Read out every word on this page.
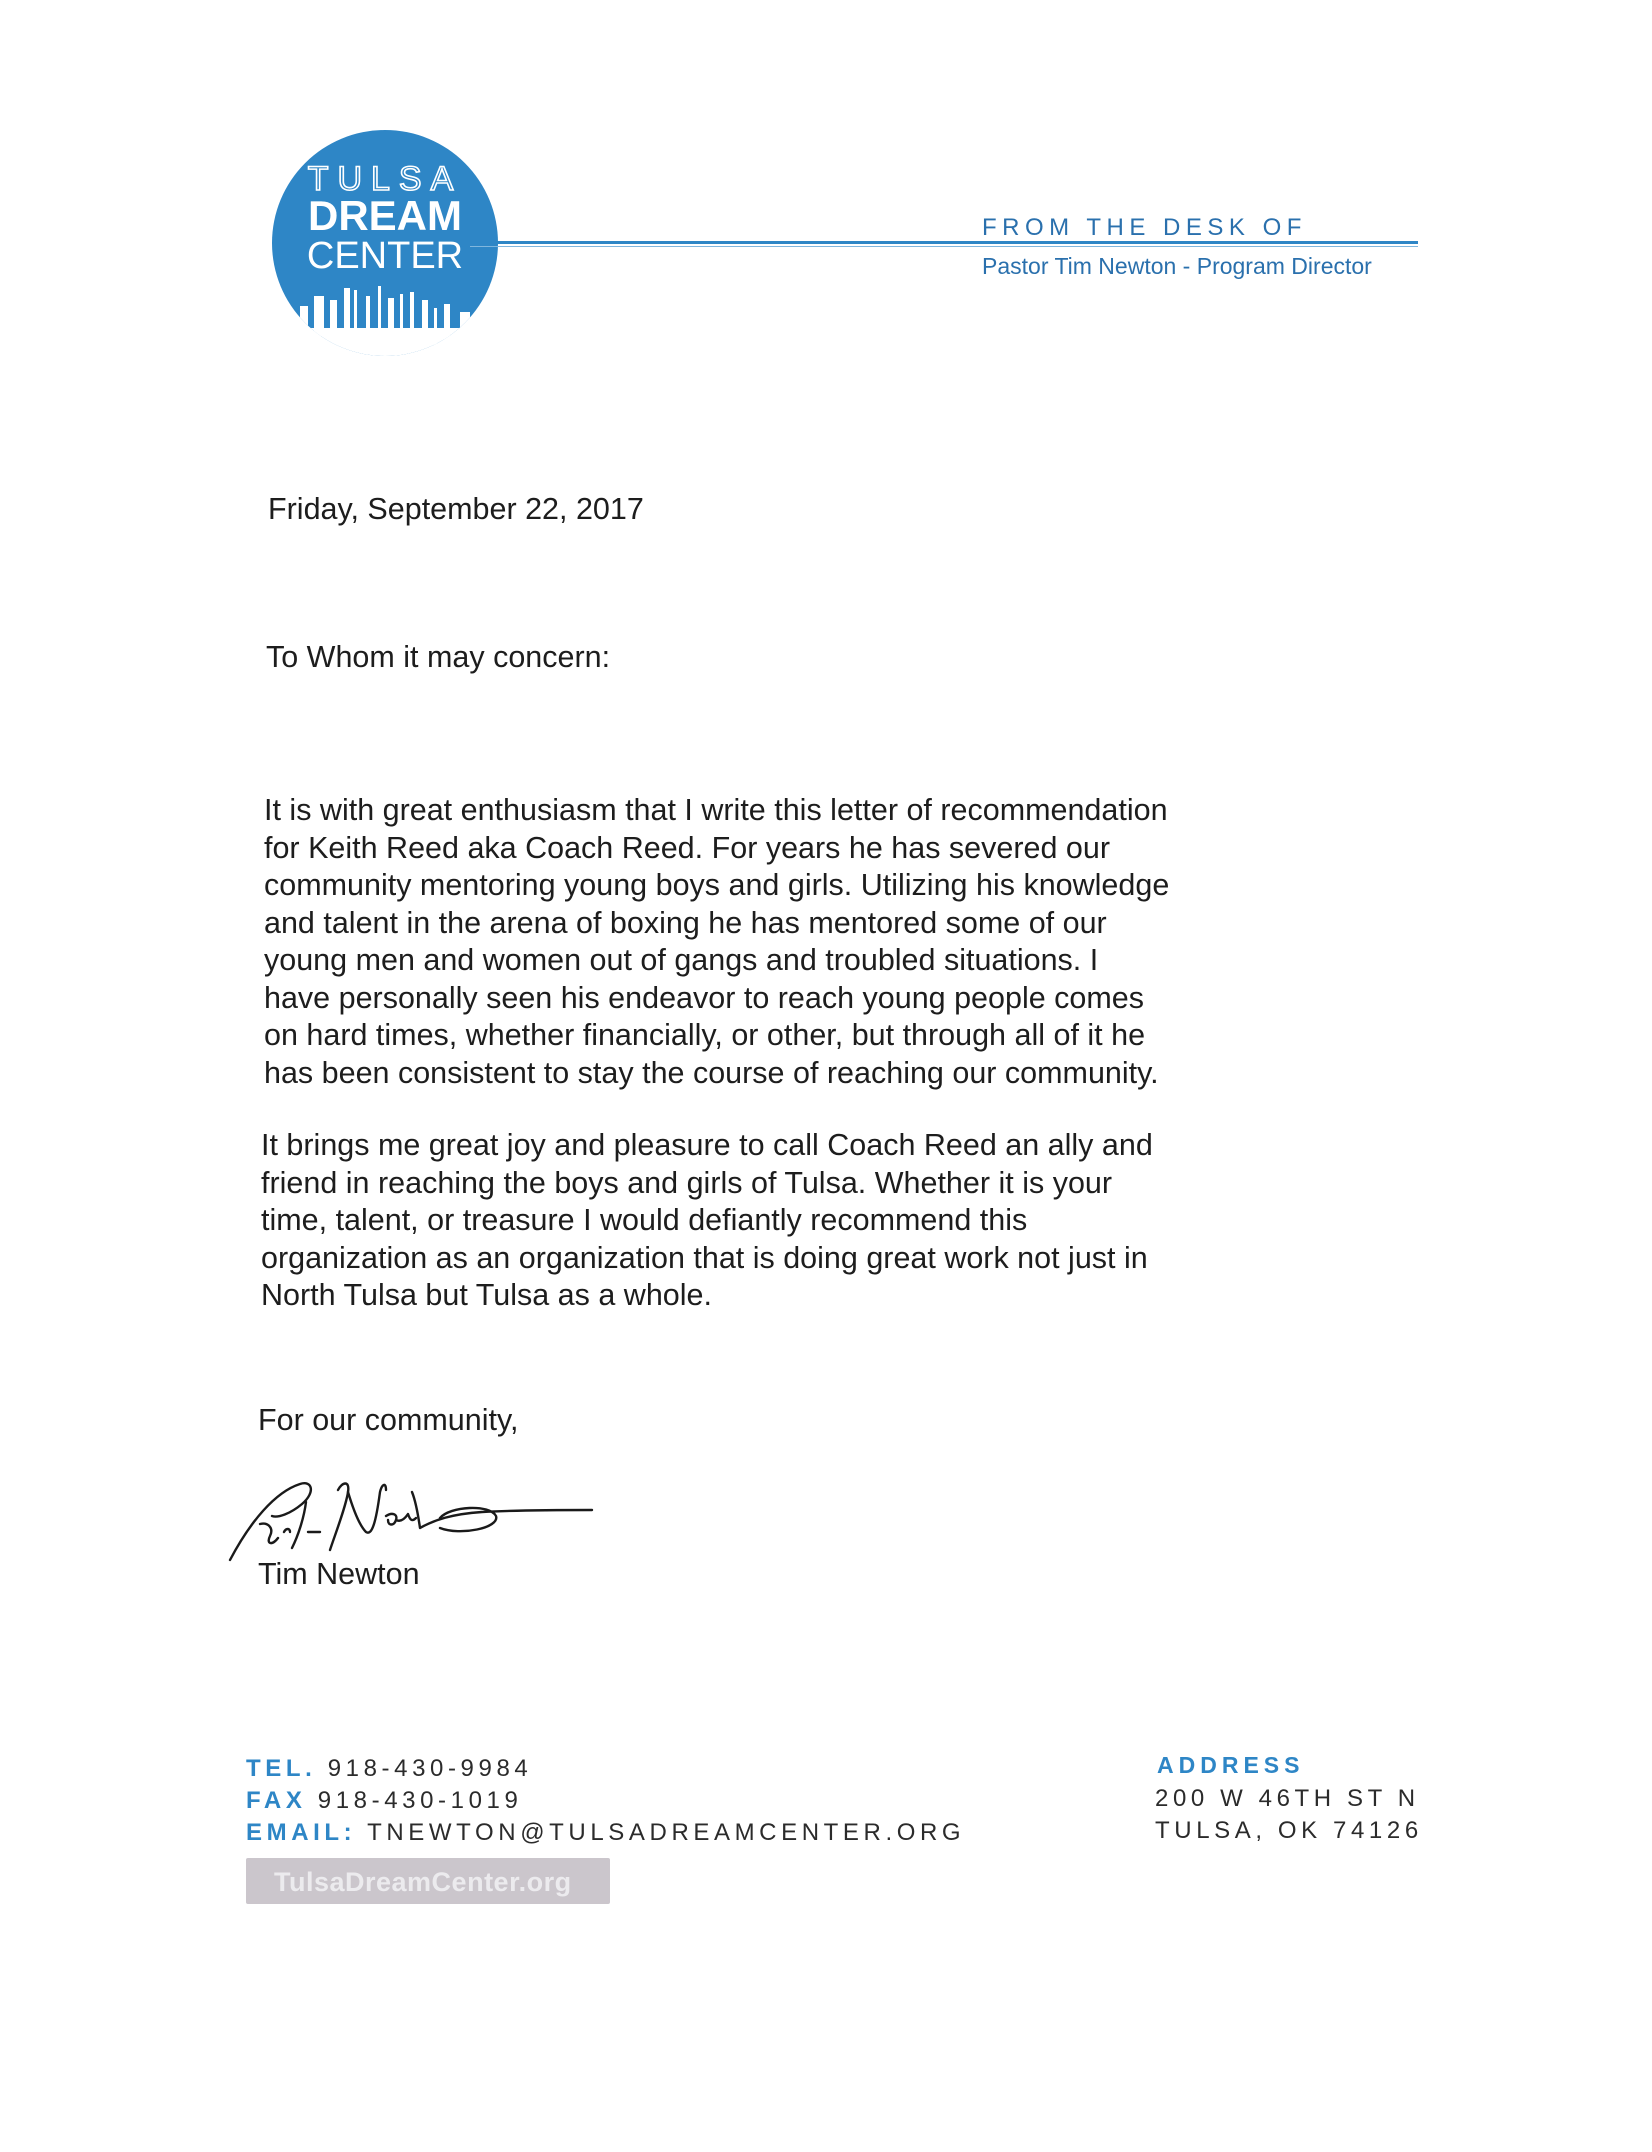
TULSA
DREAM
CENTER
FROM THE DESK OF
Pastor Tim Newton - Program Director
Friday, September 22, 2017
To Whom it may concern:
It is with great enthusiasm that I write this letter of recommendation
for Keith Reed aka Coach Reed. For years he has severed our
community mentoring young boys and girls. Utilizing his knowledge
and talent in the arena of boxing he has mentored some of our
young men and women out of gangs and troubled situations. I
have personally seen his endeavor to reach young people comes
on hard times, whether financially, or other, but through all of it he
has been consistent to stay the course of reaching our community.
It brings me great joy and pleasure to call Coach Reed an ally and
friend in reaching the boys and girls of Tulsa. Whether it is your
time, talent, or treasure I would defiantly recommend this
organization as an organization that is doing great work not just in
North Tulsa but Tulsa as a whole.
For our community,
Tim Newton
TEL. 918-430-9984
FAX 918-430-1019
EMAIL: TNEWTON@TULSADREAMCENTER.ORG
TulsaDreamCenter.org
ADDRESS
200 W 46TH ST N
TULSA, OK 74126
